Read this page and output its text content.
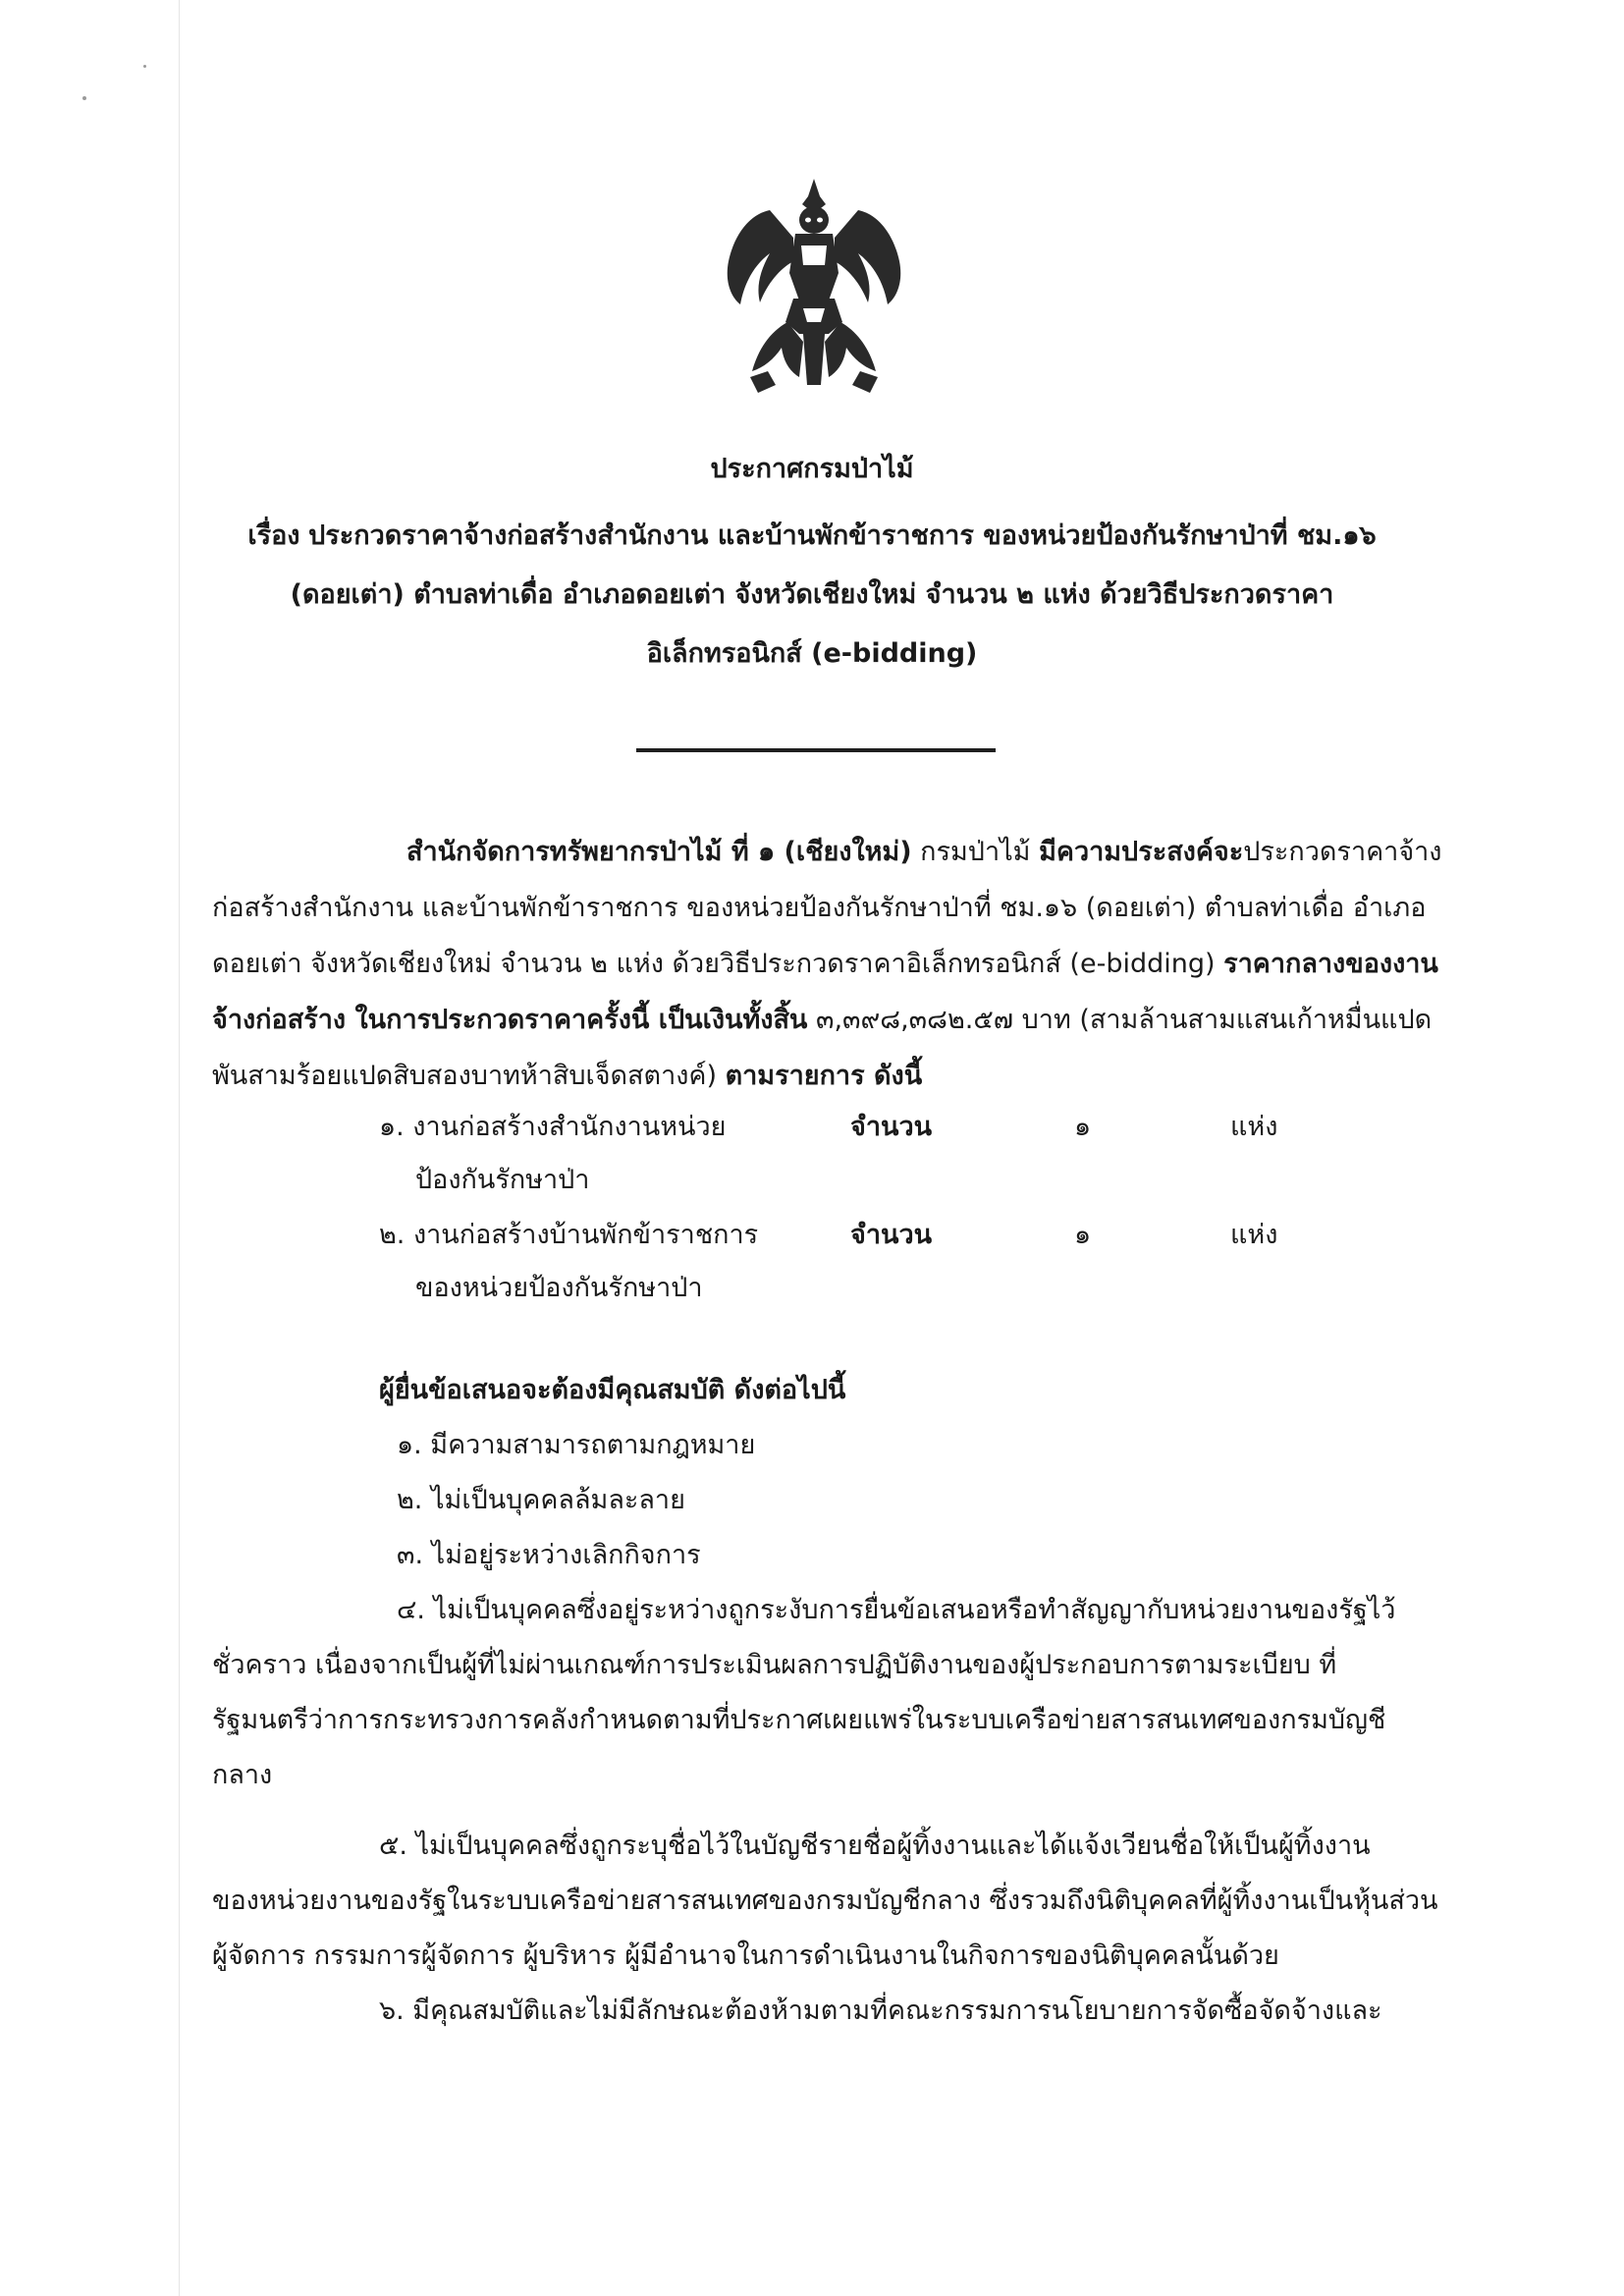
ประกาศกรมป่าไม้
เรื่อง ประกวดราคาจ้างก่อสร้างสำนักงาน และบ้านพักข้าราชการ ของหน่วยป้องกันรักษาป่าที่ ชม.๑๖
(ดอยเต่า) ตำบลท่าเดื่อ อำเภอดอยเต่า จังหวัดเชียงใหม่ จำนวน ๒ แห่ง ด้วยวิธีประกวดราคา
อิเล็กทรอนิกส์ (e-bidding)
สำนักจัดการทรัพยากรป่าไม้ ที่ ๑ (เชียงใหม่) กรมป่าไม้ มีความประสงค์จะประกวดราคาจ้าง
ก่อสร้างสำนักงาน และบ้านพักข้าราชการ ของหน่วยป้องกันรักษาป่าที่ ชม.๑๖ (ดอยเต่า) ตำบลท่าเดื่อ อำเภอ
ดอยเต่า จังหวัดเชียงใหม่ จำนวน ๒ แห่ง ด้วยวิธีประกวดราคาอิเล็กทรอนิกส์ (e-bidding) ราคากลางของงาน
จ้างก่อสร้าง ในการประกวดราคาครั้งนี้ เป็นเงินทั้งสิ้น ๓,๓๙๘,๓๘๒.๕๗ บาท (สามล้านสามแสนเก้าหมื่นแปด
พันสามร้อยแปดสิบสองบาทห้าสิบเจ็ดสตางค์) ตามรายการ ดังนี้
๑. งานก่อสร้างสำนักงานหน่วย
ป้องกันรักษาป่า
จำนวน	๑	แห่ง
๒. งานก่อสร้างบ้านพักข้าราชการ
ของหน่วยป้องกันรักษาป่า
จำนวน	๑	แห่ง
ผู้ยื่นข้อเสนอจะต้องมีคุณสมบัติ ดังต่อไปนี้
๑. มีความสามารถตามกฎหมาย
๒. ไม่เป็นบุคคลล้มละลาย
๓. ไม่อยู่ระหว่างเลิกกิจการ
๔. ไม่เป็นบุคคลซึ่งอยู่ระหว่างถูกระงับการยื่นข้อเสนอหรือทำสัญญากับหน่วยงานของรัฐไว้
ชั่วคราว เนื่องจากเป็นผู้ที่ไม่ผ่านเกณฑ์การประเมินผลการปฏิบัติงานของผู้ประกอบการตามระเบียบ ที่
รัฐมนตรีว่าการกระทรวงการคลังกำหนดตามที่ประกาศเผยแพร่ในระบบเครือข่ายสารสนเทศของกรมบัญชี
กลาง
๕. ไม่เป็นบุคคลซึ่งถูกระบุชื่อไว้ในบัญชีรายชื่อผู้ทิ้งงานและได้แจ้งเวียนชื่อให้เป็นผู้ทิ้งงาน
ของหน่วยงานของรัฐในระบบเครือข่ายสารสนเทศของกรมบัญชีกลาง ซึ่งรวมถึงนิติบุคคลที่ผู้ทิ้งงานเป็นหุ้นส่วน
ผู้จัดการ กรรมการผู้จัดการ ผู้บริหาร ผู้มีอำนาจในการดำเนินงานในกิจการของนิติบุคคลนั้นด้วย
๖. มีคุณสมบัติและไม่มีลักษณะต้องห้ามตามที่คณะกรรมการนโยบายการจัดซื้อจัดจ้างและ
